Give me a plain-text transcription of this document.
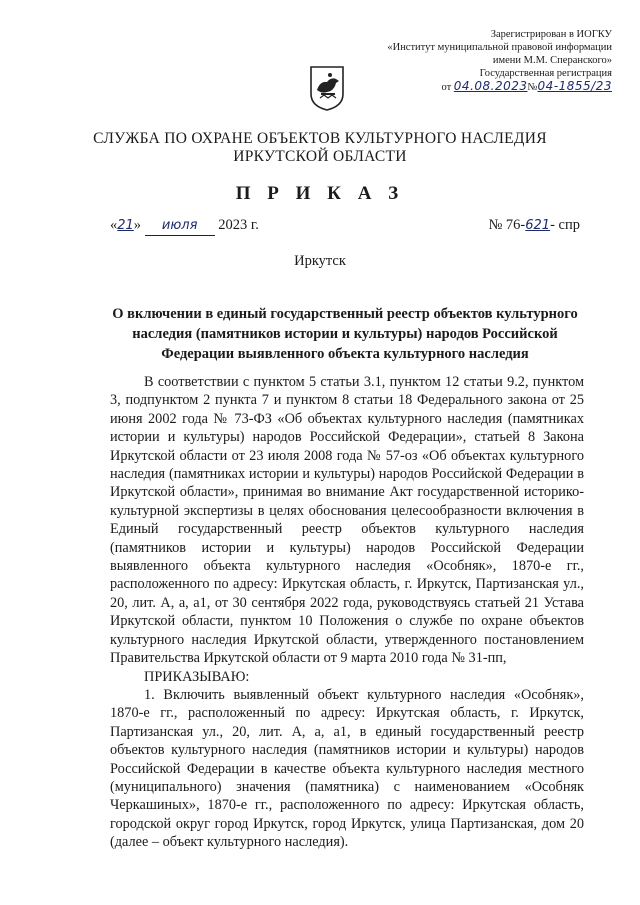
Зарегистрирован в ИОГКУ
«Институт муниципальной правовой информации
имени М.М. Сперанского»
Государственная регистрация
от 04.08.2023№04-1855/23
СЛУЖБА ПО ОХРАНЕ ОБЪЕКТОВ КУЛЬТУРНОГО НАСЛЕДИЯ
ИРКУТСКОЙ ОБЛАСТИ
П Р И К А З
«21» июля 2023 г.	№ 76-621- спр
Иркутск
О включении в единый государственный реестр объектов культурного наследия (памятников истории и культуры) народов Российской Федерации выявленного объекта культурного наследия

В соответствии с пунктом 5 статьи 3.1, пунктом 12 статьи 9.2, пунктом 3, подпунктом 2 пункта 7 и пунктом 8 статьи 18 Федерального закона от 25 июня 2002 года № 73-ФЗ «Об объектах культурного наследия (памятниках истории и культуры) народов Российской Федерации», статьей 8 Закона Иркутской области от 23 июля 2008 года № 57-оз «Об объектах культурного наследия (памятниках истории и культуры) народов Российской Федерации в Иркутской области», принимая во внимание Акт государственной историко-культурной экспертизы в целях обоснования целесообразности включения в Единый государственный реестр объектов культурного наследия (памятников истории и культуры) народов Российской Федерации выявленного объекта культурного наследия «Особняк», 1870-е гг., расположенного по адресу: Иркутская область, г. Иркутск, Партизанская ул., 20, лит. А, а, а1, от 30 сентября 2022 года, руководствуясь статьей 21 Устава Иркутской области, пунктом 10 Положения о службе по охране объектов культурного наследия Иркутской области, утвержденного постановлением Правительства Иркутской области от 9 марта 2010 года № 31-пп,

ПРИКАЗЫВАЮ:

1. Включить выявленный объект культурного наследия «Особняк», 1870-е гг., расположенный по адресу: Иркутская область, г. Иркутск, Партизанская ул., 20, лит. А, а, а1, в единый государственный реестр объектов культурного наследия (памятников истории и культуры) народов Российской Федерации в качестве объекта культурного наследия местного (муниципального) значения (памятника) с наименованием «Особняк Черкашиных», 1870-е гг., расположенного по адресу: Иркутская область, городской округ город Иркутск, город Иркутск, улица Партизанская, дом 20 (далее – объект культурного наследия).
